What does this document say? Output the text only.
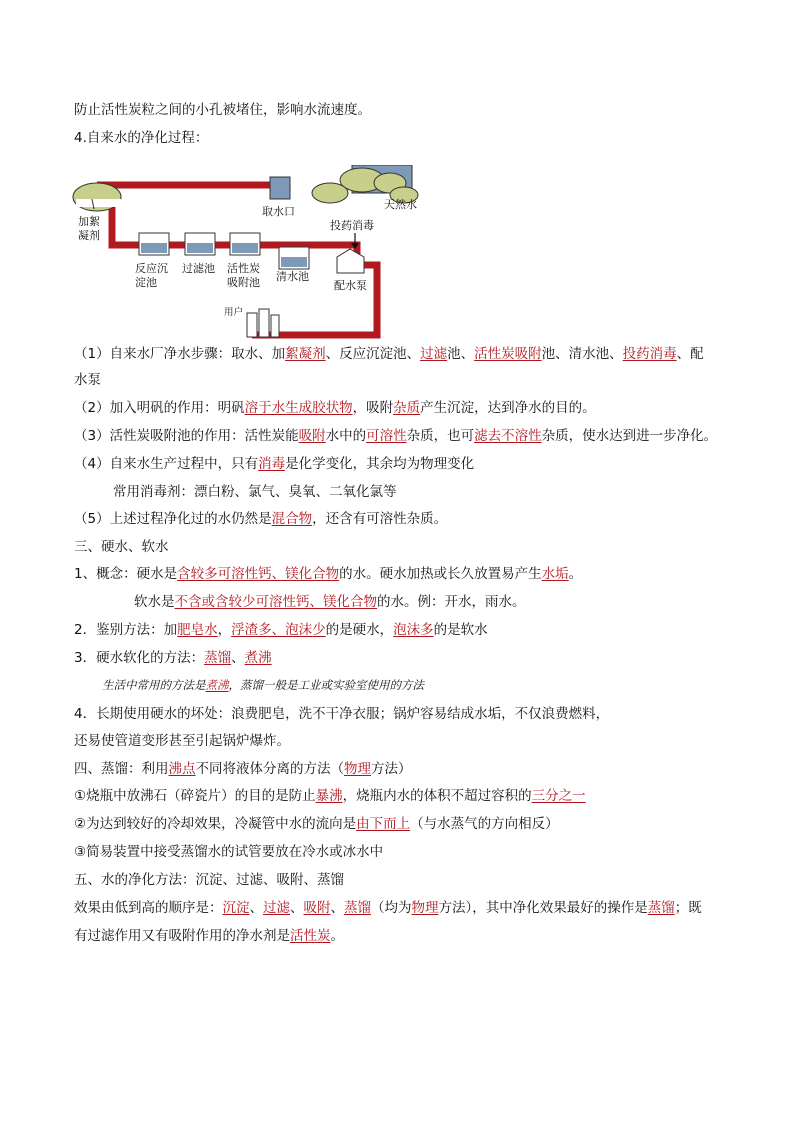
防止活性炭粒之间的小孔被堵住，影响水流速度。
4.自来水的净化过程：
加絮
凝剂
取水口
天然水
投药消毒
反应沉
淀池
过滤池 活性炭
吸附池 清水池
配水泵
用户
（1）自来水厂净水步骤：取水、加絮凝剂、反应沉淀池、过滤池、活性炭吸附池、清水池、投药消毒、配
水泵
（2）加入明矾的作用：明矾溶于水生成胶状物，吸附杂质产生沉淀，达到净水的目的。
（3）活性炭吸附池的作用：活性炭能吸附水中的可溶性杂质，也可滤去不溶性杂质，使水达到进一步净化。
（4）自来水生产过程中，只有消毒是化学变化，其余均为物理变化
常用消毒剂：漂白粉、氯气、臭氧、二氧化氯等
（5）上述过程净化过的水仍然是混合物，还含有可溶性杂质。
三、硬水、软水
1、概念：硬水是含较多可溶性钙、镁化合物的水。硬水加热或长久放置易产生水垢。
软水是不含或含较少可溶性钙、镁化合物的水。例：开水，雨水。
2．鉴别方法：加肥皂水，浮渣多、泡沫少的是硬水，泡沫多的是软水
3．硬水软化的方法：蒸馏、煮沸
生活中常用的方法是煮沸，蒸馏一般是工业或实验室使用的方法
4．长期使用硬水的坏处：浪费肥皂，洗不干净衣服；锅炉容易结成水垢，不仅浪费燃料，
还易使管道变形甚至引起锅炉爆炸。
四、蒸馏：利用沸点不同将液体分离的方法（物理方法）
①烧瓶中放沸石（碎瓷片）的目的是防止暴沸，烧瓶内水的体积不超过容积的三分之一
②为达到较好的冷却效果，冷凝管中水的流向是由下而上（与水蒸气的方向相反）
③简易装置中接受蒸馏水的试管要放在冷水或冰水中
五、水的净化方法：沉淀、过滤、吸附、蒸馏
效果由低到高的顺序是：沉淀、过滤、吸附、蒸馏（均为物理方法），其中净化效果最好的操作是蒸馏；既
有过滤作用又有吸附作用的净水剂是活性炭。
